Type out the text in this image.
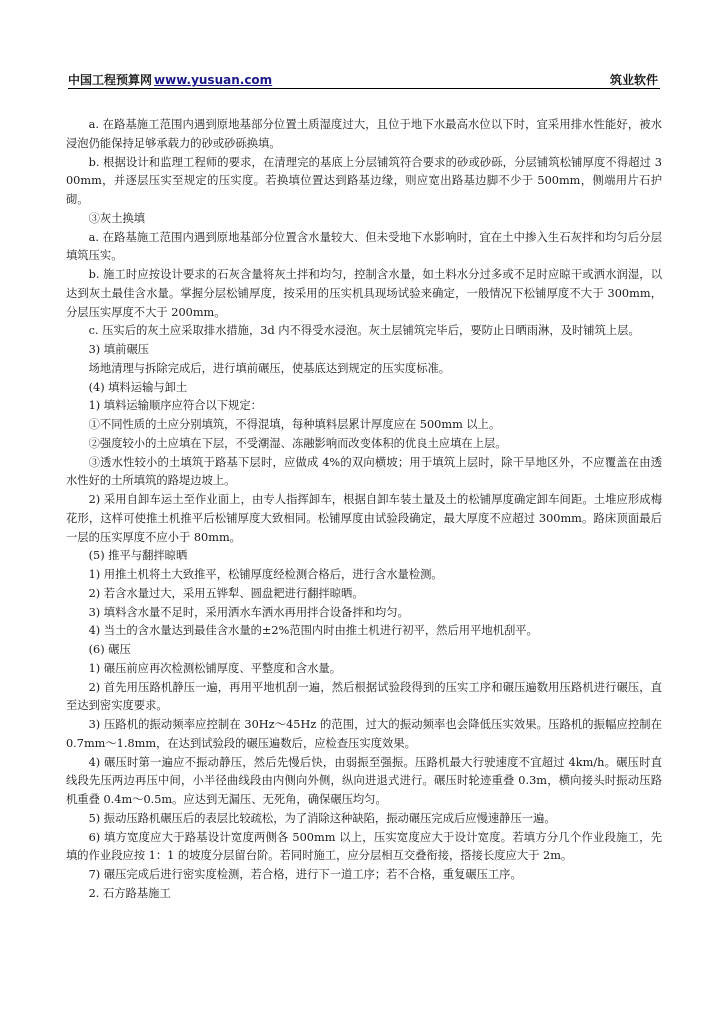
中国工程预算网 www.yusuan.com	筑业软件

a. 在路基施工范围内遇到原地基部分位置土质湿度过大，且位于地下水最高水位以下时，宜采用排水性能好，被水浸泡仍能保持足够承载力的砂或砂砾换填。

b. 根据设计和监理工程师的要求，在清理完的基底上分层铺筑符合要求的砂或砂砾，分层铺筑松铺厚度不得超过 300mm，并逐层压实至规定的压实度。若换填位置达到路基边缘，则应宽出路基边脚不少于 500mm，侧端用片石护砌。

③灰土换填

a. 在路基施工范围内遇到原地基部分位置含水量较大、但未受地下水影响时，宜在土中掺入生石灰拌和均匀后分层填筑压实。

b. 施工时应按设计要求的石灰含量将灰土拌和均匀，控制含水量，如土料水分过多或不足时应晾干或洒水润湿，以达到灰土最佳含水量。掌握分层松铺厚度，按采用的压实机具现场试验来确定，一般情况下松铺厚度不大于 300mm，分层压实厚度不大于 200mm。

c. 压实后的灰土应采取排水措施，3d 内不得受水浸泡。灰土层铺筑完毕后，要防止日晒雨淋，及时铺筑上层。

3) 填前碾压

场地清理与拆除完成后，进行填前碾压，使基底达到规定的压实度标准。

(4) 填料运输与卸土

1) 填料运输顺序应符合以下规定：

①不同性质的土应分别填筑，不得混填，每种填料层累计厚度应在 500mm 以上。

②强度较小的土应填在下层，不受潮湿、冻融影响而改变体积的优良土应填在上层。

③透水性较小的土填筑于路基下层时，应做成 4%的双向横坡；用于填筑上层时，除干旱地区外，不应覆盖在由透水性好的土所填筑的路堤边坡上。

2) 采用自卸车运土至作业面上，由专人指挥卸车，根据自卸车装土量及土的松铺厚度确定卸车间距。土堆应形成梅花形，这样可使推土机推平后松铺厚度大致相同。松铺厚度由试验段确定，最大厚度不应超过 300mm。路床顶面最后一层的压实厚度不应小于 80mm。

(5) 推平与翻拌晾晒

1) 用推土机将土大致推平，松铺厚度经检测合格后，进行含水量检测。

2) 若含水量过大，采用五铧犁、圆盘耙进行翻拌晾晒。

3) 填料含水量不足时，采用洒水车洒水再用拌合设备拌和均匀。

4) 当土的含水量达到最佳含水量的±2%范围内时由推土机进行初平，然后用平地机刮平。

(6) 碾压

1) 碾压前应再次检测松铺厚度、平整度和含水量。

2) 首先用压路机静压一遍，再用平地机刮一遍，然后根据试验段得到的压实工序和碾压遍数用压路机进行碾压，直至达到密实度要求。

3) 压路机的振动频率应控制在 30Hz～45Hz 的范围，过大的振动频率也会降低压实效果。压路机的振幅应控制在 0.7mm～1.8mm，在达到试验段的碾压遍数后，应检查压实度效果。

4) 碾压时第一遍应不振动静压，然后先慢后快，由弱振至强振。压路机最大行驶速度不宜超过 4km/h。碾压时直线段先压两边再压中间，小半径曲线段由内侧向外侧，纵向进退式进行。碾压时轮迹重叠 0.3m，横向接头时振动压路机重叠 0.4m～0.5m。应达到无漏压、无死角，确保碾压均匀。

5) 振动压路机碾压后的表层比较疏松，为了消除这种缺陷，振动碾压完成后应慢速静压一遍。

6) 填方宽度应大于路基设计宽度两侧各 500mm 以上，压实宽度应大于设计宽度。若填方分几个作业段施工，先填的作业段应按 1：1 的坡度分层留台阶。若同时施工，应分层相互交叠衔接，搭接长度应大于 2m。

7) 碾压完成后进行密实度检测，若合格，进行下一道工序；若不合格，重复碾压工序。

2. 石方路基施工
